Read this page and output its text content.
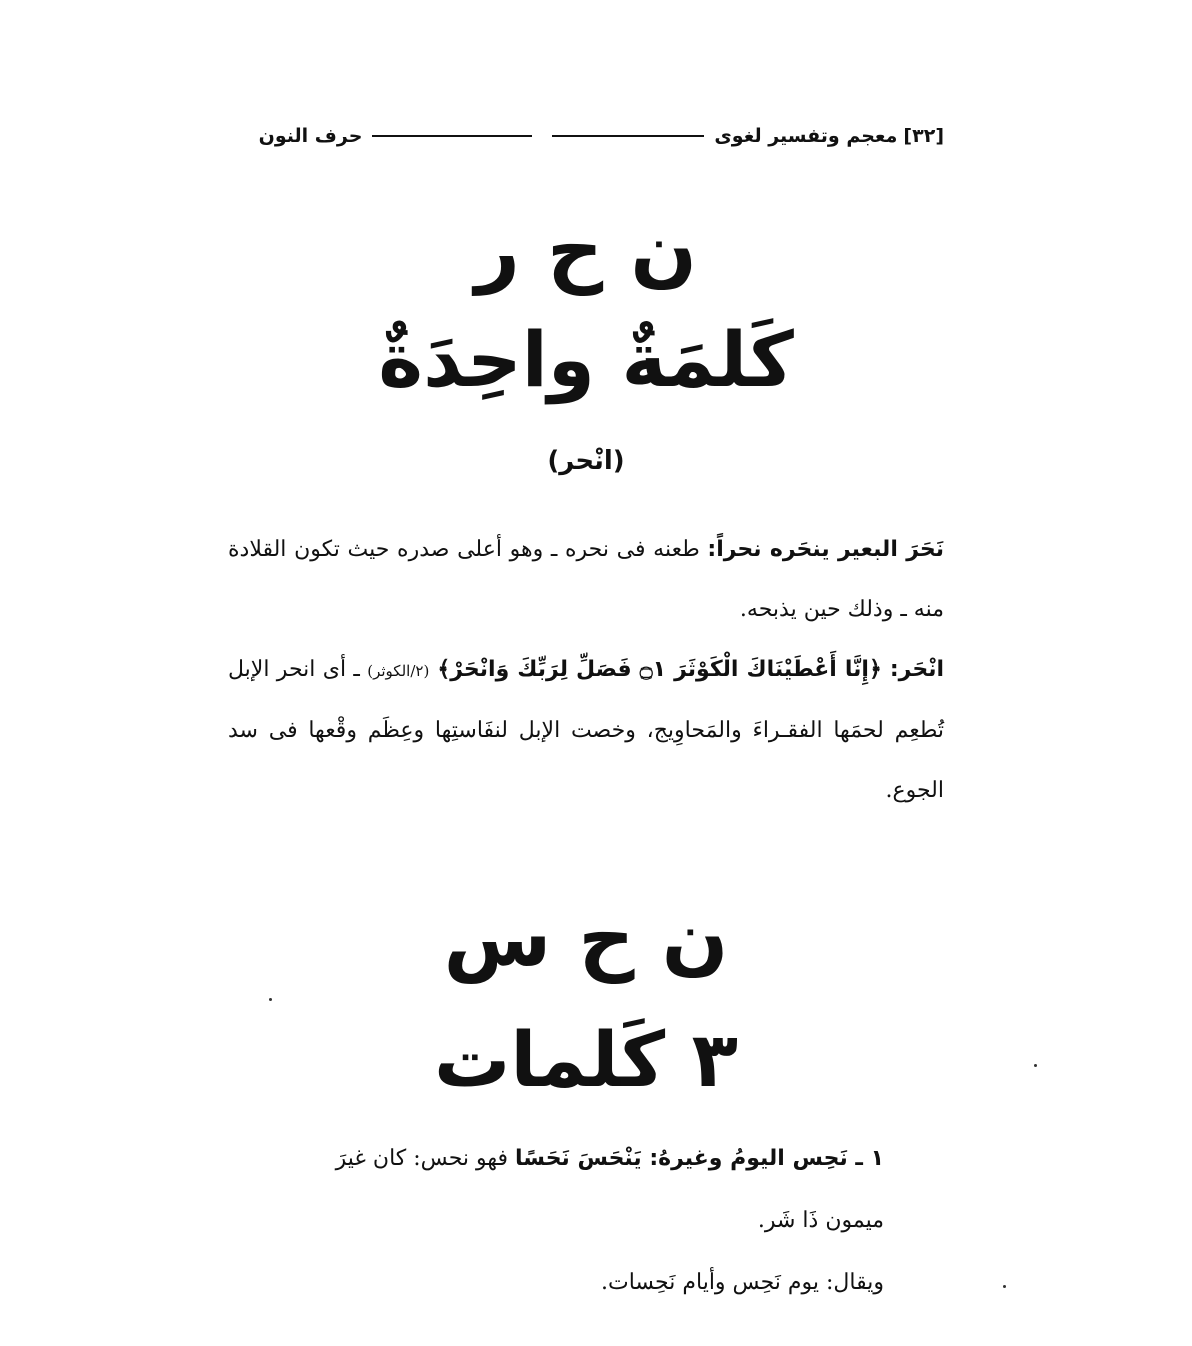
[٣٢]
معجم وتفسير لغوى
حرف النون
ن ح ر
كَلمَةٌ واحِدَةٌ
(انْحر)
نَحَرَ البعير ينحَره نحراً: طعنه فى نحره ـ وهو أعلى صدره حيث تكون القلادة منه ـ وذلك حين يذبحه.
انْحَر: ﴿إِنَّا أَعْطَيْنَاكَ الْكَوْثَرَ ۝١ فَصَلِّ لِرَبِّكَ وَانْحَرْ﴾ (٢/الكوثر) ـ أى انحر الإبل تُطعِم لحمَها الفقـراءَ والمَحاوِيج، وخصت الإبل لنفَاستِها وعِظَم وقْعها فى سد الجوع.
ن ح س
٣ كَلمات
١ ـ نَحِس اليومُ وغيرهُ: يَنْحَسَ نَحَسًا فهو نحس: كان غيرَ ميمون ذَا شَر.
ويقال: يوم نَحِس وأيام نَحِسات.
